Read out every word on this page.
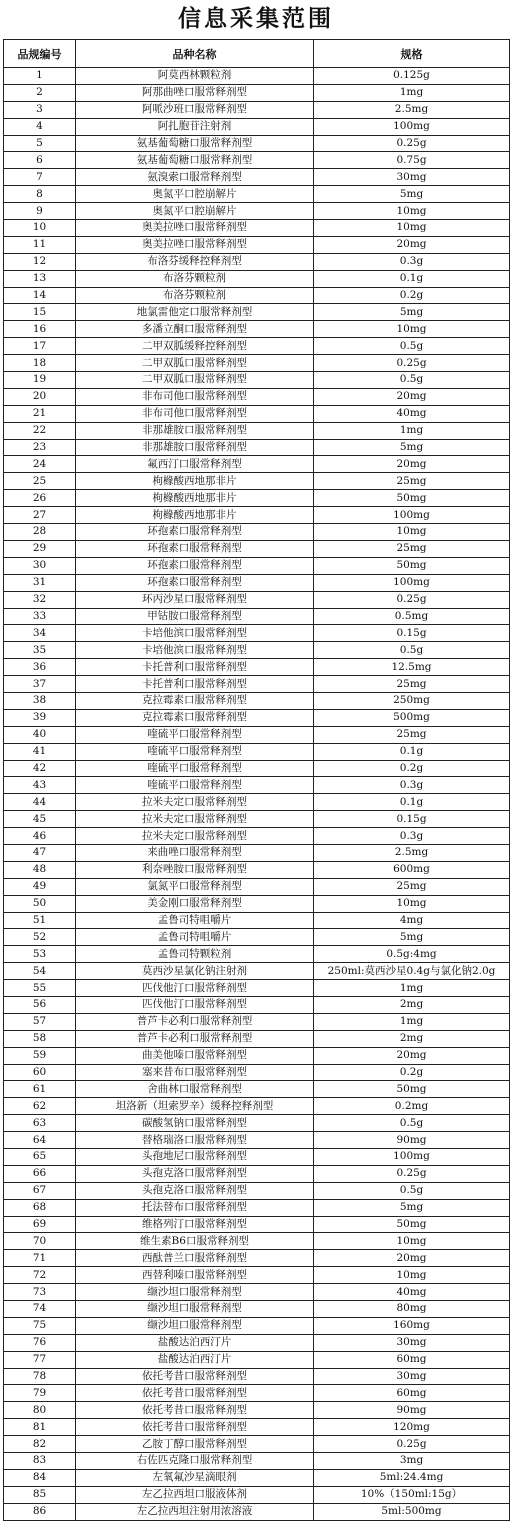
信息采集范围
品规编号	品种名称	规格
1	阿莫西林颗粒剂	0.125g
2	阿那曲唑口服常释剂型	1mg
3	阿哌沙班口服常释剂型	2.5mg
4	阿扎胞苷注射剂	100mg
5	氨基葡萄糖口服常释剂型	0.25g
6	氨基葡萄糖口服常释剂型	0.75g
7	氨溴索口服常释剂型	30mg
8	奥氮平口腔崩解片	5mg
9	奥氮平口腔崩解片	10mg
10	奥美拉唑口服常释剂型	10mg
11	奥美拉唑口服常释剂型	20mg
12	布洛芬缓释控释剂型	0.3g
13	布洛芬颗粒剂	0.1g
14	布洛芬颗粒剂	0.2g
15	地氯雷他定口服常释剂型	5mg
16	多潘立酮口服常释剂型	10mg
17	二甲双胍缓释控释剂型	0.5g
18	二甲双胍口服常释剂型	0.25g
19	二甲双胍口服常释剂型	0.5g
20	非布司他口服常释剂型	20mg
21	非布司他口服常释剂型	40mg
22	非那雄胺口服常释剂型	1mg
23	非那雄胺口服常释剂型	5mg
24	氟西汀口服常释剂型	20mg
25	枸橼酸西地那非片	25mg
26	枸橼酸西地那非片	50mg
27	枸橼酸西地那非片	100mg
28	环孢素口服常释剂型	10mg
29	环孢素口服常释剂型	25mg
30	环孢素口服常释剂型	50mg
31	环孢素口服常释剂型	100mg
32	环丙沙星口服常释剂型	0.25g
33	甲钴胺口服常释剂型	0.5mg
34	卡培他滨口服常释剂型	0.15g
35	卡培他滨口服常释剂型	0.5g
36	卡托普利口服常释剂型	12.5mg
37	卡托普利口服常释剂型	25mg
38	克拉霉素口服常释剂型	250mg
39	克拉霉素口服常释剂型	500mg
40	喹硫平口服常释剂型	25mg
41	喹硫平口服常释剂型	0.1g
42	喹硫平口服常释剂型	0.2g
43	喹硫平口服常释剂型	0.3g
44	拉米夫定口服常释剂型	0.1g
45	拉米夫定口服常释剂型	0.15g
46	拉米夫定口服常释剂型	0.3g
47	来曲唑口服常释剂型	2.5mg
48	利奈唑胺口服常释剂型	600mg
49	氯氮平口服常释剂型	25mg
50	美金刚口服常释剂型	10mg
51	孟鲁司特咀嚼片	4mg
52	孟鲁司特咀嚼片	5mg
53	孟鲁司特颗粒剂	0.5g:4mg
54	莫西沙星氯化钠注射剂	250ml:莫西沙星0.4g与氯化钠2.0g
55	匹伐他汀口服常释剂型	1mg
56	匹伐他汀口服常释剂型	2mg
57	普芦卡必利口服常释剂型	1mg
58	普芦卡必利口服常释剂型	2mg
59	曲美他嗪口服常释剂型	20mg
60	塞来昔布口服常释剂型	0.2g
61	舍曲林口服常释剂型	50mg
62	坦洛新（坦索罗辛）缓释控释剂型	0.2mg
63	碳酸氢钠口服常释剂型	0.5g
64	替格瑞洛口服常释剂型	90mg
65	头孢地尼口服常释剂型	100mg
66	头孢克洛口服常释剂型	0.25g
67	头孢克洛口服常释剂型	0.5g
68	托法替布口服常释剂型	5mg
69	维格列汀口服常释剂型	50mg
70	维生素B6口服常释剂型	10mg
71	西酞普兰口服常释剂型	20mg
72	西替利嗪口服常释剂型	10mg
73	缬沙坦口服常释剂型	40mg
74	缬沙坦口服常释剂型	80mg
75	缬沙坦口服常释剂型	160mg
76	盐酸达泊西汀片	30mg
77	盐酸达泊西汀片	60mg
78	依托考昔口服常释剂型	30mg
79	依托考昔口服常释剂型	60mg
80	依托考昔口服常释剂型	90mg
81	依托考昔口服常释剂型	120mg
82	乙胺丁醇口服常释剂型	0.25g
83	右佐匹克隆口服常释剂型	3mg
84	左氧氟沙星滴眼剂	5ml:24.4mg
85	左乙拉西坦口服液体剂	10%（150ml:15g）
86	左乙拉西坦注射用浓溶液	5ml:500mg
